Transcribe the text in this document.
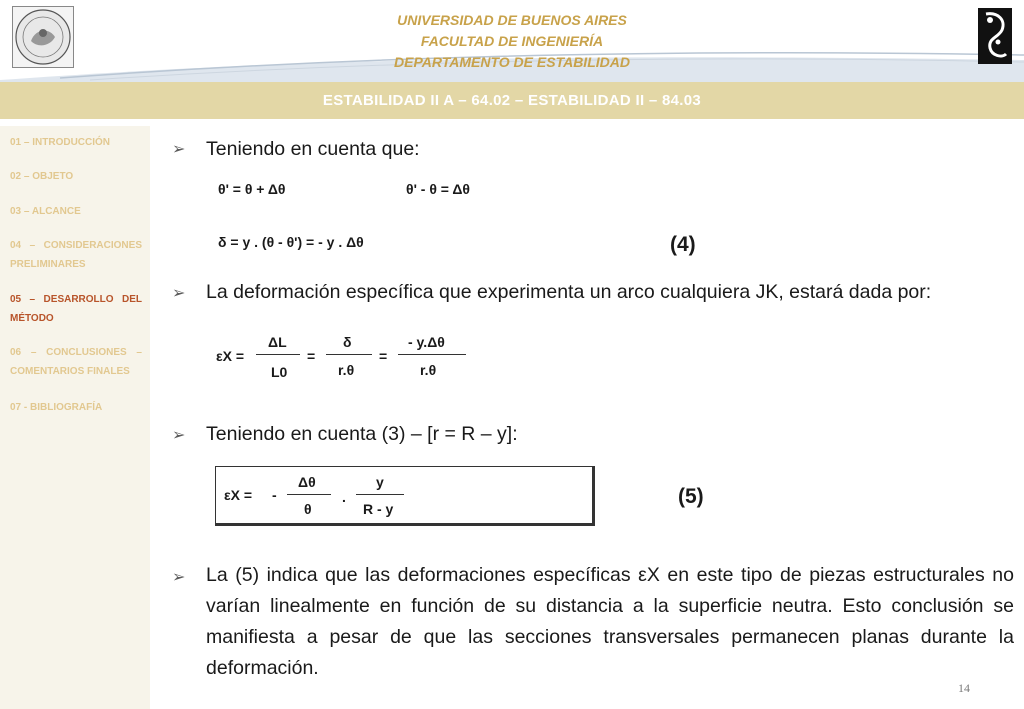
UNIVERSIDAD DE BUENOS AIRES
FACULTAD DE INGENIERÍA
DEPARTAMENTO DE ESTABILIDAD
ESTABILIDAD II A – 64.02 – ESTABILIDAD II – 84.03
01 – INTRODUCCIÓN
02 – OBJETO
03 – ALCANCE
04 – CONSIDERACIONES PRELIMINARES
05 – DESARROLLO DEL MÉTODO
06 – CONCLUSIONES – COMENTARIOS FINALES
07 - BIBLIOGRAFÍA
➢ Teniendo en cuenta que:
θ' = θ + Δθ	θ' - θ = Δθ
δ = y . (θ - θ') = - y . Δθ	(4)
➢ La deformación específica que experimenta un arco cualquiera JK, estará dada por:
εX =
ΔL
L0
=
δ
r.θ
=
- y.Δθ
r.θ
➢ Teniendo en cuenta (3) – [r = R – y]:
εX = -
Δθ
θ
.
y
R - y
(5)
➢ La (5) indica que las deformaciones específicas εX en este tipo de piezas estructurales no varían linealmente en función de su distancia a la superficie neutra. Esto conclusión se manifiesta a pesar de que las secciones transversales permanecen planas durante la deformación.
14
